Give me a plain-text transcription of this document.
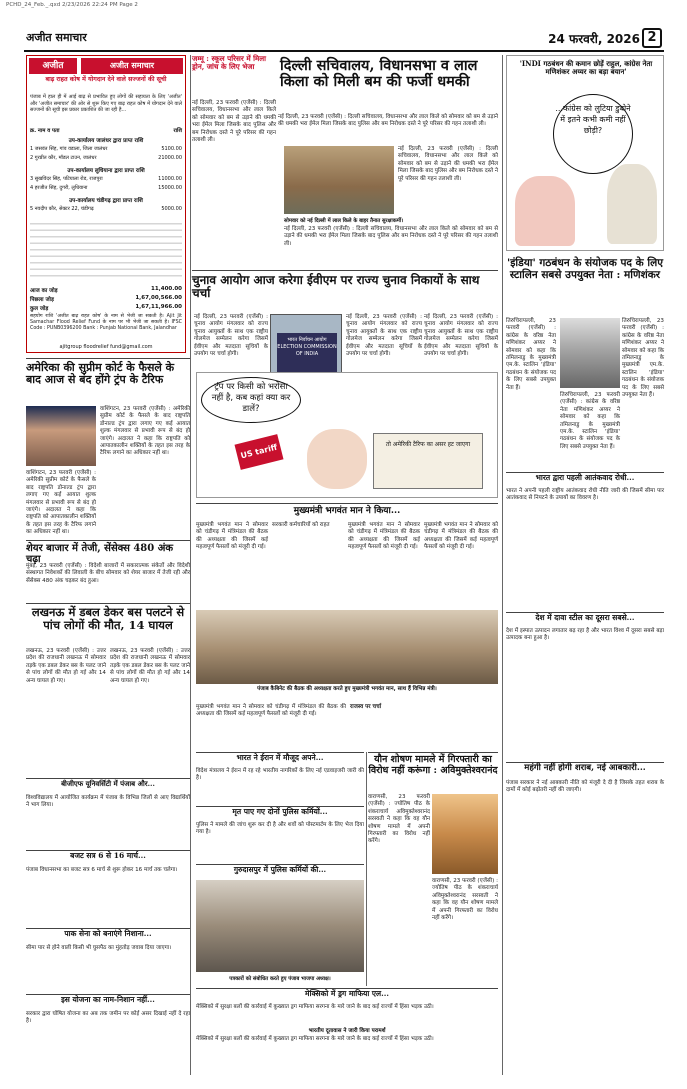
PCHD_24_Feb._.qxd 2/23/2026 22:24 PM Page 2
अजीत समाचार	24 फरवरी, 2026 2
अजीत	अजीत समाचार
बाढ़ राहत कोष में योगदान देने वाले सज्जनों की सूची
पंजाब में हाल ही में आई बाढ़ से प्रभावित हुए लोगों की सहायता के लिए 'अजीत' और 'अजीत समाचार' की ओर से शुरू किए गए बाढ़ राहत कोष में योगदान देने वाले सज्जनों की सूची इस प्रकार प्रकाशित की जा रही है...
क्र. नाम व पता	राशि
उप-कार्यालय जालंधर द्वारा प्राप्त राशि
1 जसवंत सिंह, गांव वडाला, जिला जालंधर	5100.00
2 गुरप्रीत कौर, मॉडल टाउन, जालंधर	21000.00
उप-कार्यालय लुधियाना द्वारा प्राप्त राशि
3 सुखविंदर सिंह, पटियाला रोड, राजपुरा	11000.00
4 हरजीत सिंह, दुगरी, लुधियाना	15000.00
उप-कार्यालय चंडीगढ़ द्वारा प्राप्त राशि
5 नवदीप कौर, सेक्टर 22, चंडीगढ़	5000.00
आज का जोड़	11,400.00
पिछला जोड़	1,67,00,566.00
कुल जोड़	1,67,11,966.00
सहयोग राशि 'अजीत बाढ़ राहत कोष' के नाम से भेजी जा सकती है। Ajit Jit Samachar Flood Relief Fund के नाम पर भी भेजी जा सकती है। IFSC Code : PUNB0396200 Bank : Punjab National Bank, Jalandhar
ajitgroup floodrelief fund@gmail.com
जम्मू : स्कूल परिसर में मिला ड्रोन, जांच के लिए भेजा	दिल्ली सचिवालय, विधानसभा व लाल किला को मिली बम की फर्जी धमकी
नई दिल्ली, 23 फरवरी (एजेंसी) : दिल्ली सचिवालय, विधानसभा और लाल किले को सोमवार को बम से उड़ाने की धमकी भरा ईमेल मिला जिसके बाद पुलिस और बम निरोधक दस्ते ने पूरे परिसर की गहन तलाशी ली।
नई दिल्ली, 23 फरवरी (एजेंसी) : दिल्ली सचिवालय, विधानसभा और लाल किले को सोमवार को बम से उड़ाने की धमकी भरा ईमेल मिला जिसके बाद पुलिस और बम निरोधक दस्ते ने पूरे परिसर की गहन तलाशी ली।
नई दिल्ली, 23 फरवरी (एजेंसी) : दिल्ली सचिवालय, विधानसभा और लाल किले को सोमवार को बम से उड़ाने की धमकी भरा ईमेल मिला जिसके बाद पुलिस और बम निरोधक दस्ते ने पूरे परिसर की गहन तलाशी ली।
सोमवार को नई दिल्ली में लाल किले के बाहर तैनात सुरक्षाकर्मी।
नई दिल्ली, 23 फरवरी (एजेंसी) : दिल्ली सचिवालय, विधानसभा और लाल किले को सोमवार को बम से उड़ाने की धमकी भरा ईमेल मिला जिसके बाद पुलिस और बम निरोधक दस्ते ने पूरे परिसर की गहन तलाशी ली।
'INDI गठबंधन की कमान छोड़ें राहुल, कांग्रेस नेता मणिशंकर अय्यर का बड़ा बयान'
...कांग्रेस को लुटिया डुबोने में इतने कभी कमी नहीं छोड़ी?
चुनाव आयोग आज करेगा ईवीएम पर राज्य चुनाव निकायों के साथ चर्चा
नई दिल्ली, 23 फरवरी (एजेंसी) : चुनाव आयोग मंगलवार को राज्य चुनाव आयुक्तों के साथ एक राष्ट्रीय गोलमेज सम्मेलन करेगा जिसमें ईवीएम और मतदाता सूचियों के उपयोग पर चर्चा होगी।
भारत निर्वाचन आयोग ELECTION COMMISSION OF INDIA
नई दिल्ली, 23 फरवरी (एजेंसी) : चुनाव आयोग मंगलवार को राज्य चुनाव आयुक्तों के साथ एक राष्ट्रीय गोलमेज सम्मेलन करेगा जिसमें ईवीएम और मतदाता सूचियों के उपयोग पर चर्चा होगी।
नई दिल्ली, 23 फरवरी (एजेंसी) : चुनाव आयोग मंगलवार को राज्य चुनाव आयुक्तों के साथ एक राष्ट्रीय गोलमेज सम्मेलन करेगा जिसमें ईवीएम और मतदाता सूचियों के उपयोग पर चर्चा होगी।
'इंडिया' गठबंधन के संयोजक पद के लिए स्टालिन सबसे उपयुक्त नेता : मणिशंकर
तिरुचिरापल्ली, 23 फरवरी (एजेंसी) : कांग्रेस के वरिष्ठ नेता मणिशंकर अय्यर ने सोमवार को कहा कि तमिलनाडु के मुख्यमंत्री एम.के. स्टालिन 'इंडिया' गठबंधन के संयोजक पद के लिए सबसे उपयुक्त नेता हैं।
तिरुचिरापल्ली, 23 फरवरी (एजेंसी) : कांग्रेस के वरिष्ठ नेता मणिशंकर अय्यर ने सोमवार को कहा कि तमिलनाडु के मुख्यमंत्री एम.के. स्टालिन 'इंडिया' गठबंधन के संयोजक पद के लिए सबसे उपयुक्त नेता हैं।
तिरुचिरापल्ली, 23 फरवरी (एजेंसी) : कांग्रेस के वरिष्ठ नेता मणिशंकर अय्यर ने सोमवार को कहा कि तमिलनाडु के मुख्यमंत्री एम.के. स्टालिन 'इंडिया' गठबंधन के संयोजक पद के लिए सबसे उपयुक्त नेता हैं।
ट्रंप पर किसी को भरोसा नहीं है, कब कहां क्या कर डालें?
US tariff	तो अमेरिकी टैरिफ का असर हट जाएगा
अमेरिका की सुप्रीम कोर्ट के फैसले के बाद आज से बंद होंगे ट्रंप के टैरिफ
वाशिंगटन, 23 फरवरी (एजेंसी) : अमेरिकी सुप्रीम कोर्ट के फैसले के बाद राष्ट्रपति डोनाल्ड ट्रंप द्वारा लगाए गए कई आयात शुल्क मंगलवार से प्रभावी रूप से बंद हो जाएंगे। अदालत ने कहा कि राष्ट्रपति को आपातकालीन शक्तियों के तहत इस तरह के टैरिफ लगाने का अधिकार नहीं था।
वाशिंगटन, 23 फरवरी (एजेंसी) : अमेरिकी सुप्रीम कोर्ट के फैसले के बाद राष्ट्रपति डोनाल्ड ट्रंप द्वारा लगाए गए कई आयात शुल्क मंगलवार से प्रभावी रूप से बंद हो जाएंगे। अदालत ने कहा कि राष्ट्रपति को आपातकालीन शक्तियों के तहत इस तरह के टैरिफ लगाने का अधिकार नहीं था।
शेयर बाजार में तेजी, सेंसेक्स 480 अंक चढ़ा
मुंबई, 23 फरवरी (एजेंसी) : विदेशी बाजारों में सकारात्मक संकेतों और विदेशी संस्थागत निवेशकों की लिवाली के बीच सोमवार को शेयर बाजार में तेजी रही और सेंसेक्स 480 अंक चढ़कर बंद हुआ।
लखनऊ में डबल डेकर बस पलटने से पांच लोगों की मौत, 14 घायल
लखनऊ, 23 फरवरी (एजेंसी) : उत्तर प्रदेश की राजधानी लखनऊ में सोमवार तड़के एक डबल डेकर बस के पलट जाने से पांच लोगों की मौत हो गई और 14 अन्य घायल हो गए।
लखनऊ, 23 फरवरी (एजेंसी) : उत्तर प्रदेश की राजधानी लखनऊ में सोमवार तड़के एक डबल डेकर बस के पलट जाने से पांच लोगों की मौत हो गई और 14 अन्य घायल हो गए।
बीजीएफ यूनिवर्सिटी में पंजाब और...
विश्वविद्यालय में आयोजित कार्यक्रम में पंजाब के विभिन्न जिलों से आए विद्यार्थियों ने भाग लिया।
बजट सत्र 6 से 16 मार्च...
पंजाब विधानसभा का बजट सत्र 6 मार्च से शुरू होकर 16 मार्च तक चलेगा।
पाक सेना को बनाएंगे निशाना...
सीमा पार से होने वाली किसी भी घुसपैठ का मुंहतोड़ जवाब दिया जाएगा।
इस योजना का नाम-निशान नहीं...
सरकार द्वारा घोषित योजना का अब तक जमीन पर कोई असर दिखाई नहीं दे रहा है।
मुख्यमंत्री भगवंत मान ने किया...
मुख्यमंत्री भगवंत मान ने सोमवार को चंडीगढ़ में मंत्रिमंडल की बैठक की अध्यक्षता की जिसमें कई महत्वपूर्ण फैसलों को मंजूरी दी गई।
सरकारी कर्मचारियों को राहत	मुख्यमंत्री भगवंत मान ने सोमवार को चंडीगढ़ में मंत्रिमंडल की बैठक की अध्यक्षता की जिसमें कई महत्वपूर्ण फैसलों को मंजूरी दी गई।
मुख्यमंत्री भगवंत मान ने सोमवार को चंडीगढ़ में मंत्रिमंडल की बैठक की अध्यक्षता की जिसमें कई महत्वपूर्ण फैसलों को मंजूरी दी गई।
पंजाब कैबिनेट की बैठक की अध्यक्षता करते हुए मुख्यमंत्री भगवंत मान, साथ हैं विभिन्न मंत्री।
मुख्यमंत्री भगवंत मान ने सोमवार को चंडीगढ़ में मंत्रिमंडल की बैठक की अध्यक्षता की जिसमें कई महत्वपूर्ण फैसलों को मंजूरी दी गई।
राजस्व पर चर्चा
भारत ने ईरान में मौजूद अपने...
विदेश मंत्रालय ने ईरान में रह रहे भारतीय नागरिकों के लिए नई एडवाइजरी जारी की है।
मृत पाए गए दोनों पुलिस कर्मियों...
पुलिस ने मामले की जांच शुरू कर दी है और शवों को पोस्टमार्टम के लिए भेज दिया गया है।
गुरुदासपुर में पुलिस कर्मियों की...
पत्रकारों को संबोधित करते हुए पंजाब भाजपा अध्यक्ष।
यौन शोषण मामले में गिरफ्तारी का विरोध नहीं करूंगा : अविमुक्तेश्वरानंद
वाराणसी, 23 फरवरी (एजेंसी) : ज्योतिष पीठ के शंकराचार्य अविमुक्तेश्वरानंद सरस्वती ने कहा कि वह यौन शोषण मामले में अपनी गिरफ्तारी का विरोध नहीं करेंगे।
वाराणसी, 23 फरवरी (एजेंसी) : ज्योतिष पीठ के शंकराचार्य अविमुक्तेश्वरानंद सरस्वती ने कहा कि वह यौन शोषण मामले में अपनी गिरफ्तारी का विरोध नहीं करेंगे।
मेक्सिको में ड्रग माफिया एल...
मेक्सिको में सुरक्षा बलों की कार्रवाई में कुख्यात ड्रग माफिया सरगना के मारे जाने के बाद कई राज्यों में हिंसा भड़क उठी।
भारतीय दूतावास ने जारी किया परामर्श
मेक्सिको में सुरक्षा बलों की कार्रवाई में कुख्यात ड्रग माफिया सरगना के मारे जाने के बाद कई राज्यों में हिंसा भड़क उठी।
भारत द्वारा पहली आतंकवाद रोधी...
भारत ने अपनी पहली राष्ट्रीय आतंकवाद रोधी नीति जारी की जिसमें सीमा पार आतंकवाद से निपटने के उपायों का विवरण है।
देश में दावा स्टील का दूसरा सबसे...
देश में इस्पात उत्पादन लगातार बढ़ रहा है और भारत विश्व में दूसरा सबसे बड़ा उत्पादक बना हुआ है।
महंगी नहीं होगी शराब, नई आबकारी...
पंजाब सरकार ने नई आबकारी नीति को मंजूरी दे दी है जिसके तहत शराब के दामों में कोई बढ़ोतरी नहीं की जाएगी।
